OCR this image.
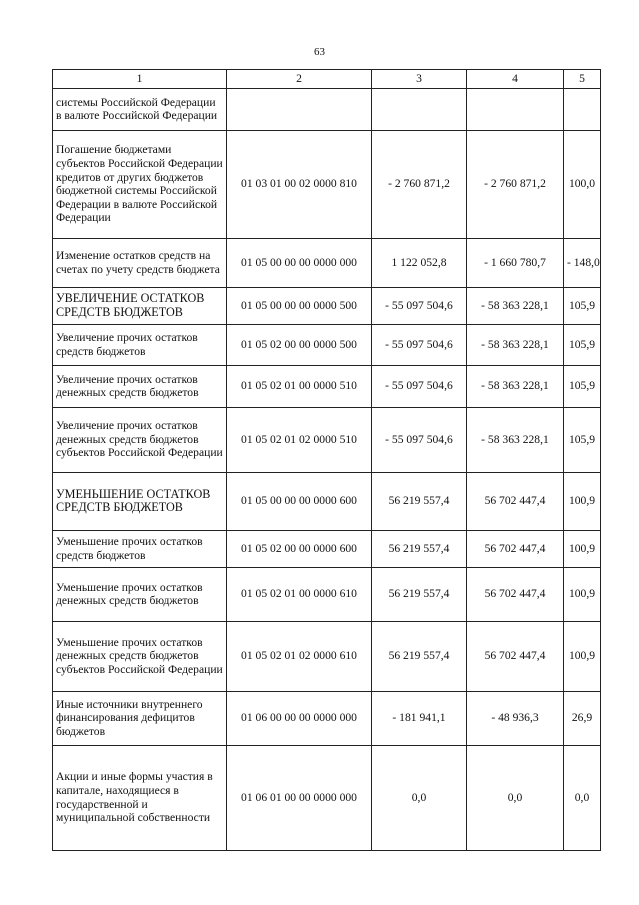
63
1	2	3	4	5
системы Российской Федерации в валюте Российской Федерации				
Погашение бюджетами субъектов Российской Федерации кредитов от других бюджетов бюджетной системы Российской Федерации в валюте Российской Федерации	01 03 01 00 02 0000 810	- 2 760 871,2	- 2 760 871,2	100,0
Изменение остатков средств на счетах по учету средств бюджета	01 05 00 00 00 0000 000	1 122 052,8	- 1 660 780,7	- 148,0
УВЕЛИЧЕНИЕ ОСТАТКОВ СРЕДСТВ БЮДЖЕТОВ	01 05 00 00 00 0000 500	- 55 097 504,6	- 58 363 228,1	105,9
Увеличение прочих остатков средств бюджетов	01 05 02 00 00 0000 500	- 55 097 504,6	- 58 363 228,1	105,9
Увеличение прочих остатков денежных средств бюджетов	01 05 02 01 00 0000 510	- 55 097 504,6	- 58 363 228,1	105,9
Увеличение прочих остатков денежных средств бюджетов субъектов Российской Федерации	01 05 02 01 02 0000 510	- 55 097 504,6	- 58 363 228,1	105,9
УМЕНЬШЕНИЕ ОСТАТКОВ СРЕДСТВ БЮДЖЕТОВ	01 05 00 00 00 0000 600	56 219 557,4	56 702 447,4	100,9
Уменьшение прочих остатков средств бюджетов	01 05 02 00 00 0000 600	56 219 557,4	56 702 447,4	100,9
Уменьшение прочих остатков денежных средств бюджетов	01 05 02 01 00 0000 610	56 219 557,4	56 702 447,4	100,9
Уменьшение прочих остатков денежных средств бюджетов субъектов Российской Федерации	01 05 02 01 02 0000 610	56 219 557,4	56 702 447,4	100,9
Иные источники внутреннего финансирования дефицитов бюджетов	01 06 00 00 00 0000 000	- 181 941,1	- 48 936,3	26,9
Акции и иные формы участия в капитале, находящиеся в государственной и муниципальной собственности	01 06 01 00 00 0000 000	0,0	0,0	0,0
